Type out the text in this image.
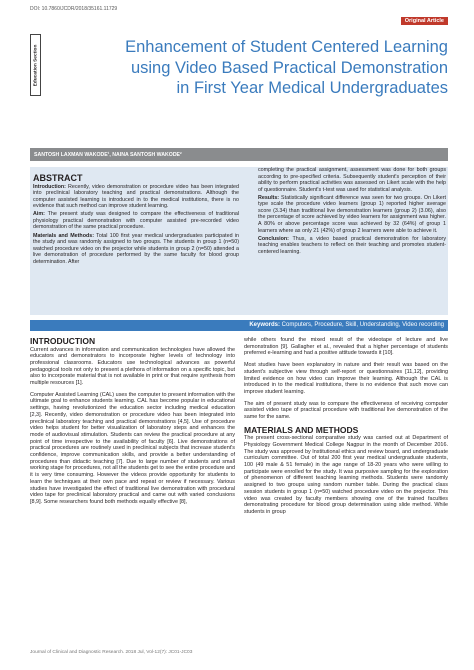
DOI: 10.7860/JCDR/2018/35161.11729
Original Article
Education Section	Enhancement of Student Centered Learning using Video Based Practical Demonstration in First Year Medical Undergraduates
SANTOSH LAXMAN WAKODE¹, NAINA SANTOSH WAKODE²
ABSTRACT

Introduction: Recently, video demonstration or procedure video has been integrated into preclinical laboratory teaching and practical demonstrations. Although the computer assisted learning is introduced in to the medical institutions, there is no evidence that such method can improve student learning.

Aim: The present study was designed to compare the effectiveness of traditional physiology practical demonstration with computer assisted pre-recorded video demonstration of the same practical procedure.

Materials and Methods: Total 100 first year medical undergraduates participated in the study and was randomly assigned to two groups. The students in group 1 (n=50) watched procedure video on the projector while students in group 2 (n=50) attended a live demonstration of procedure performed by the same faculty for blood group determination. After

completing the practical assignment, assessment was done for both groups according to pre-specified criteria. Subsequently student's perception of their ability to perform practical activities was assessed on Likert scale with the help of questionnaire. Student's t-test was used for statistical analysis.

Results: Statistically significant difference was seen for two groups. On Likert type scale the procedure video learners (group 1) reported higher average score (3.34) than traditional live demonstration learners (group 2) (3.06), also the percentage of score achieved by video learners for assignment was higher. A 80% or above percentage score was achieved by 32 (64%) of group 1 learners where as only 21 (42%) of group 2 learners were able to achieve it.

Conclusion: Thus, a video based practical demonstration for laboratory teaching enables teachers to reflect on their teaching and promotes student-centered learning.

Keywords: Computers, Procedure, Skill, Understanding, Video recording
INTRODUCTION

Current advances in information and communication technologies have allowed the educators and demonstrators to incorporate higher levels of technology into professional classrooms. Educators use technological advances as powerful pedagogical tools not only to present a plethora of information on a specific topic, but also to incorporate material that is not available in print or that require synthesis from multiple resources [1].

Computer Assisted Learning (CAL) uses the computer to present information with the ultimate goal to enhance students learning. CAL has become popular in educational settings, having revolutionized the education sector including medical education [2,3]. Recently, video demonstration or procedure video has been integrated into preclinical laboratory teaching and practical demonstrations [4,5]. Use of procedure video helps student for better visualization of laboratory steps and enhances the mode of audiovisual stimulation. Students can review the practical procedure at any point of time irrespective to the availability of faculty [6]. Live demonstrations of practical procedures are routinely used in preclinical subjects that increase student's confidence, improve communication skills, and provide a better understanding of procedures than didactic teaching [7]. Due to large number of students and small working stage for procedures, not all the students get to see the entire procedure and it is very time consuming. However the videos provide opportunity for students to learn the techniques at their own pace and repeat or review if necessary. Various studies have investigated the effect of traditional live demonstration with procedural video tape for preclinical laboratory practical and came out with varied conclusions [8,9]. Some researchers found both methods equally effective [8],

while others found the mixed result of the videotape of lecture and live demonstration [9]. Gallagher et al., revealed that a higher percentage of students preferred e-learning and had a positive attitude towards it [10].

Most studies have been explanatory in nature and their result was based on the student's subjective view through self-report or questionnaires [11,12], providing limited evidence on how video can improve their learning. Although the CAL is introduced in to the medical institutions, there is no evidence that such move can improve student learning.

The aim of present study was to compare the effectiveness of receiving computer assisted video tape of practical procedure with traditional live demonstration of the same for the same.

MATERIALS AND METHODS

The present cross-sectional comparative study was carried out at Department of Physiology Government Medical College Nagpur in the month of December 2016. The study was approved by Institutional ethics and review board, and undergraduate curriculum committee. Out of total 200 first year medical undergraduate students, 100 (49 male & 51 female) in the age range of 18-20 years who were willing to participate were enrolled for the study. It was purposive sampling for the exploration of phenomenon of different teaching learning methods. Students were randomly assigned to two groups using random number table. During the practical class session students in group 1 (n=50) watched procedure video on the projector. This video was created by faculty members showing one of the trained faculties demonstrating procedure for blood group determination using slide method. While students in group

Journal of Clinical and Diagnostic Research. 2018 Jul, Vol-12(7): JC01-JC03
